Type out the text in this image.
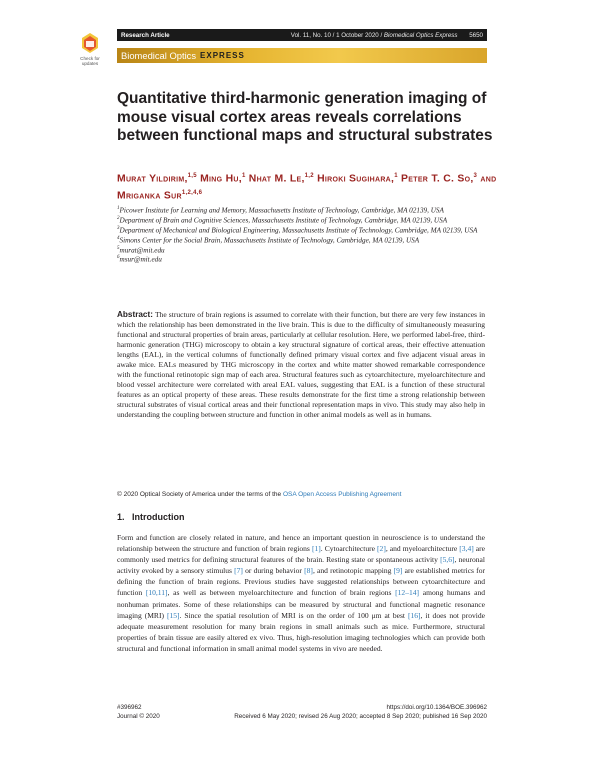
Check for
updates
Research Article	Vol. 11, No. 10 / 1 October 2020 / Biomedical Optics Express 5650
Biomedical Optics EXPRESS
Quantitative third-harmonic generation imaging of mouse visual cortex areas reveals correlations between functional maps and structural substrates
Murat Yildirim,$^{1,5}$ Ming Hu,$^1$ Nhat M. Le,$^{1,2}$ Hiroki Sugihara,$^1$ Peter T. C. So,$^3$ and Mriganka Sur$^{1,2,4,6}$
$^1$Picower Institute for Learning and Memory, Massachusetts Institute of Technology, Cambridge, MA 02139, USA
$^2$Department of Brain and Cognitive Sciences, Massachusetts Institute of Technology, Cambridge, MA 02139, USA
$^3$Department of Mechanical and Biological Engineering, Massachusetts Institute of Technology, Cambridge, MA 02139, USA
$^4$Simons Center for the Social Brain, Massachusetts Institute of Technology, Cambridge, MA 02139, USA
$^5$murat@mit.edu
$^6$msur@mit.edu
Abstract: The structure of brain regions is assumed to correlate with their function, but there are very few instances in which the relationship has been demonstrated in the live brain. This is due to the difficulty of simultaneously measuring functional and structural properties of brain areas, particularly at cellular resolution. Here, we performed label-free, third-harmonic generation (THG) microscopy to obtain a key structural signature of cortical areas, their effective attenuation lengths (EAL), in the vertical columns of functionally defined primary visual cortex and five adjacent visual areas in awake mice. EALs measured by THG microscopy in the cortex and white matter showed remarkable correspondence with the functional retinotopic sign map of each area. Structural features such as cytoarchitecture, myeloarchitecture and blood vessel architecture were correlated with areal EAL values, suggesting that EAL is a function of these structural features as an optical property of these areas. These results demonstrate for the first time a strong relationship between structural substrates of visual cortical areas and their functional representation maps in vivo. This study may also help in understanding the coupling between structure and function in other animal models as well as in humans.
© 2020 Optical Society of America under the terms of the OSA Open Access Publishing Agreement
1. Introduction
Form and function are closely related in nature, and hence an important question in neuroscience is to understand the relationship between the structure and function of brain regions [1]. Cytoarchitecture [2], and myeloarchitecture [3,4] are commonly used metrics for defining structural features of the brain. Resting state or spontaneous activity [5,6], neuronal activity evoked by a sensory stimulus [7] or during behavior [8], and retinotopic mapping [9] are established metrics for defining the function of brain regions. Previous studies have suggested relationships between cytoarchitecture and function [10,11], as well as between myeloarchitecture and function of brain regions [12–14] among humans and nonhuman primates. Some of these relationships can be measured by structural and functional magnetic resonance imaging (MRI) [15]. Since the spatial resolution of MRI is on the order of 100 μm at best [16], it does not provide adequate measurement resolution for many brain regions in small animals such as mice. Furthermore, structural properties of brain tissue are easily altered ex vivo. Thus, high-resolution imaging technologies which can provide both structural and functional information in small animal model systems in vivo are needed.
#396962	https://doi.org/10.1364/BOE.396962
Journal © 2020	Received 6 May 2020; revised 26 Aug 2020; accepted 8 Sep 2020; published 16 Sep 2020
